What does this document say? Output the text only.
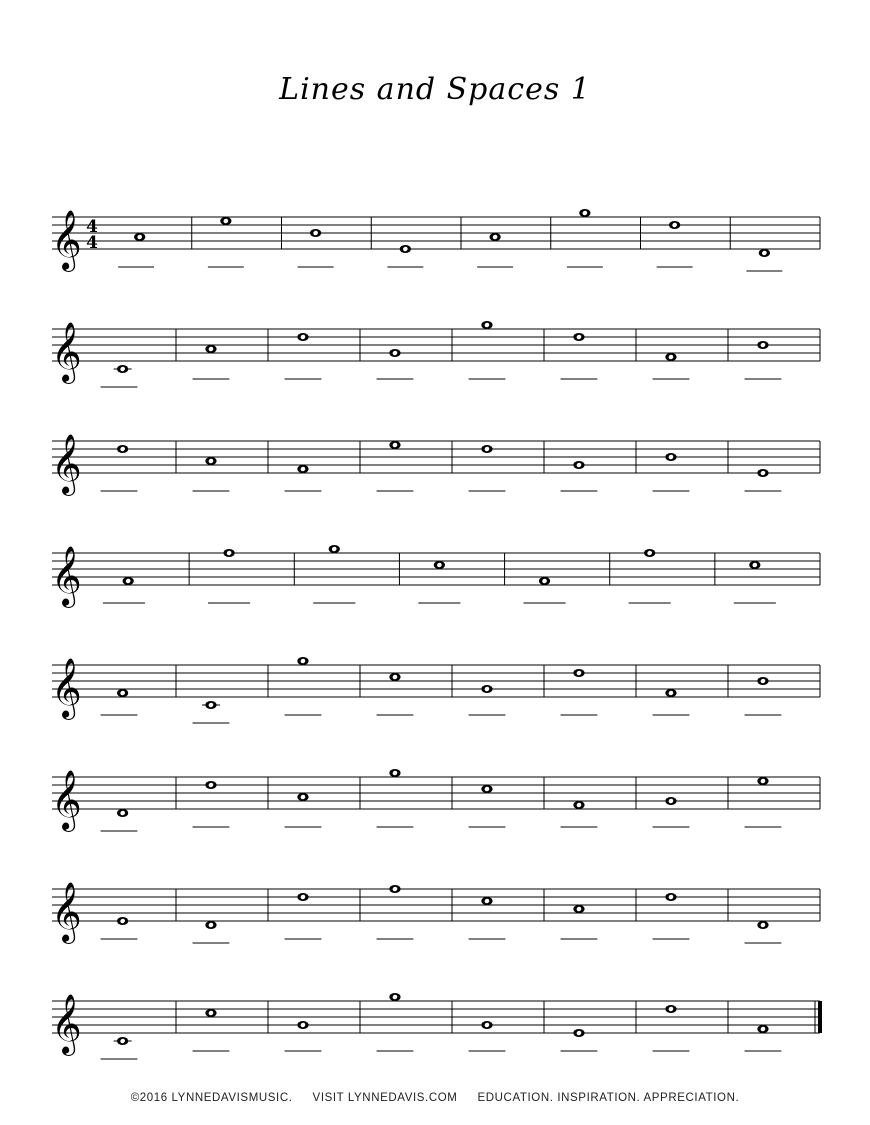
Lines and Spaces 1
𝄞 4
4
𝄞
𝄞
𝄞
𝄞
𝄞
𝄞
𝄞
©2016 LYNNEDAVISMUSIC. VISIT LYNNEDAVIS.COM EDUCATION. INSPIRATION. APPRECIATION.
